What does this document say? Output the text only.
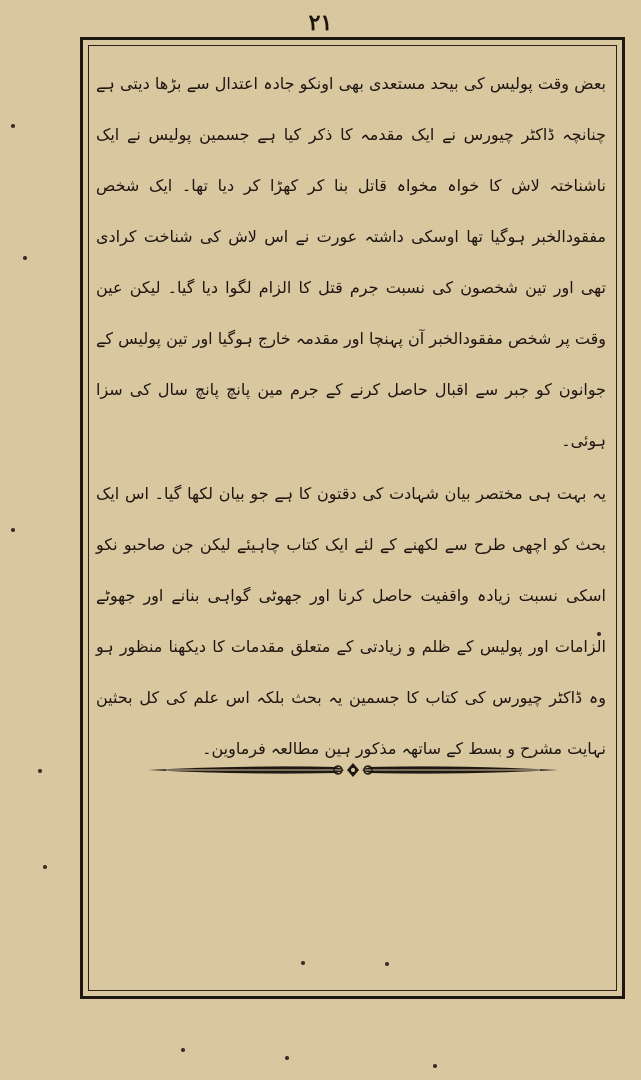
۲۱

بعض وقت پولیس کی بیحد مستعدی بھی اونکو جادہ اعتدال سے بڑھا دیتی ہے چنانچہ ڈاکٹر چیورس نے ایک مقدمہ کا ذکر کیا ہے جسمین پولیس نے ایک ناشناختہ لاش کا خواہ مخواہ قاتل بنا کر کھڑا کر دیا تھا۔ ایک شخص مفقودالخبر ہوگیا تھا اوسکی داشتہ عورت نے اس لاش کی شناخت کرادی تھی اور تین شخصون کی نسبت جرم قتل کا الزام لگوا دیا گیا۔ لیکن عین وقت پر شخص مفقودالخبر آن پہنچا اور مقدمہ خارج ہوگیا اور تین پولیس کے جوانون کو جبر سے اقبال حاصل کرنے کے جرم مین پانچ پانچ سال کی سزا ہوئی۔

یہ بہت ہی مختصر بیان شہادت کی دقتون کا ہے جو بیان لکھا گیا۔ اس ایک بحث کو اچھی طرح سے لکھنے کے لئے ایک کتاب چاہیئے لیکن جن صاحبو نکو اسکی نسبت زیادہ واقفیت حاصل کرنا اور جھوٹی گواہی بنانے اور جھوٹے الزامات اور پولیس کے ظلم و زیادتی کے متعلق مقدمات کا دیکھنا منظور ہو وہ ڈاکٹر چیورس کی کتاب کا جسمین یہ بحث بلکہ اس علم کی کل بحثین نہایت مشرح و بسط کے ساتھہ مذکور ہین مطالعہ فرماوین۔
